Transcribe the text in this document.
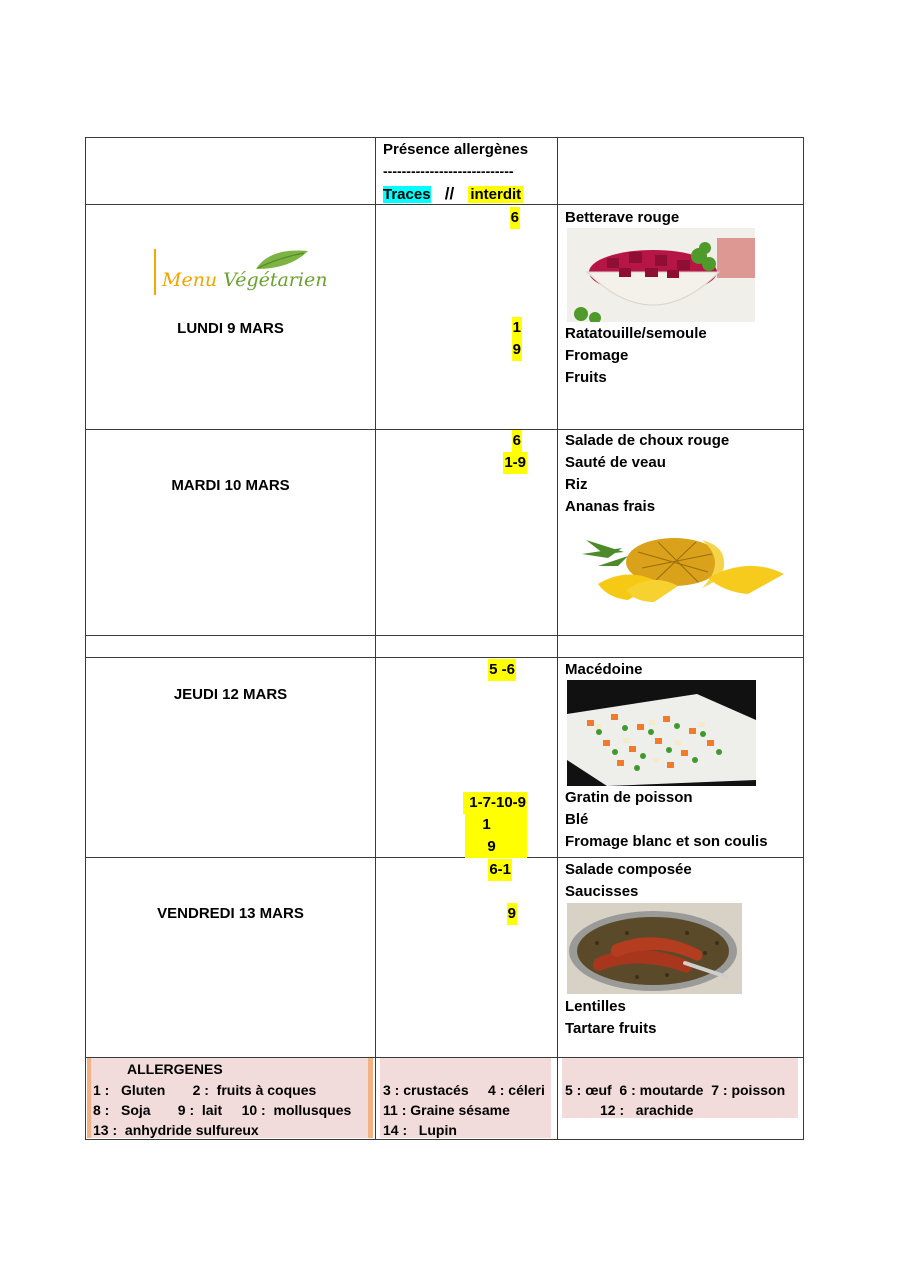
Présence allergènes
----------------------------
Traces // interdit
Menu Végétarien
LUNDI 9 MARS
6
1
9
Betterave rouge
Ratatouille/semoule
Fromage
Fruits
MARDI 10 MARS
6
1-9
Salade de choux rouge
Sauté de veau
Riz
Ananas frais
JEUDI 12 MARS
5 -6
1-7-10-9
1
9
Macédoine
Gratin de poisson
Blé
Fromage blanc et son coulis
VENDREDI 13 MARS
6-1
9
Salade composée
Saucisses
Lentilles
Tartare fruits
ALLERGENES
1 :   Gluten       2 :  fruits à coques
8 :   Soja       9 :  lait     10 :  mollusques
13 :  anhydride sulfureux
3 : crustacés     4 : céleri
11 : Graine sésame
14 :   Lupin
5 : œuf  6 : moutarde  7 : poisson
12 :   arachide
